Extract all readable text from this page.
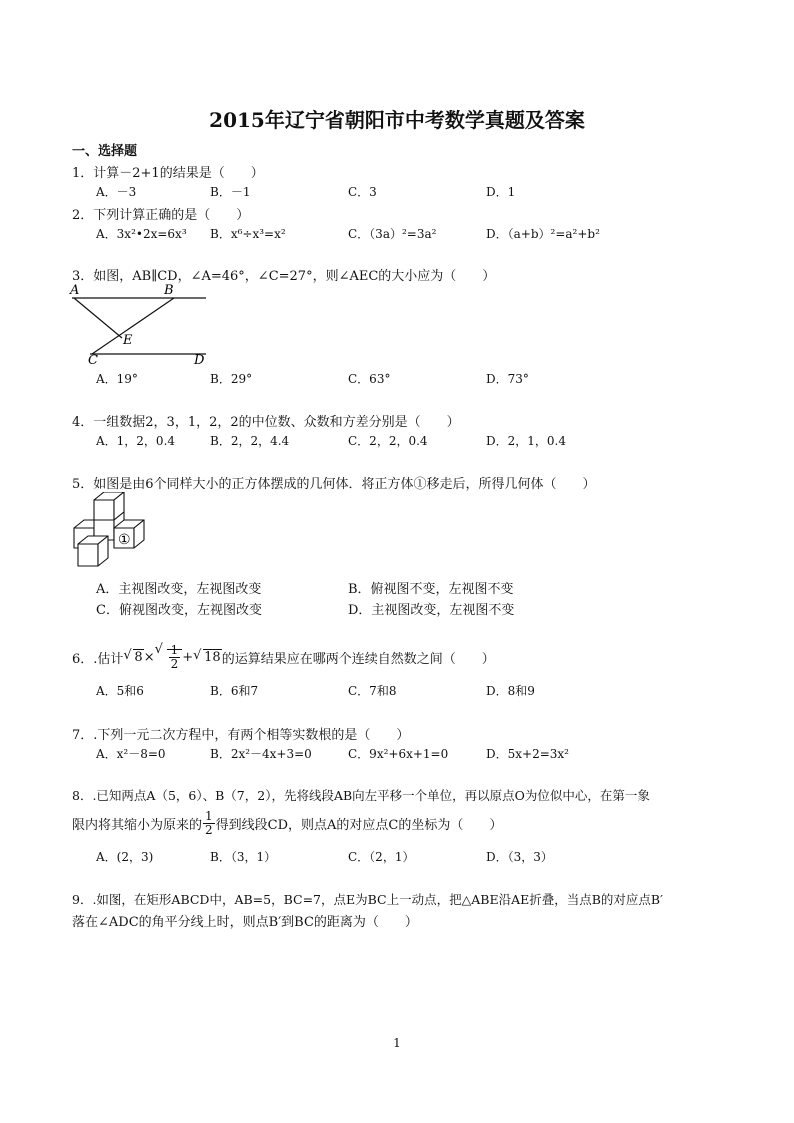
2015年辽宁省朝阳市中考数学真题及答案
一、选择题
1．计算－2+1的结果是（　　）
A．－3	B．－1	C．3	D．1
2．下列计算正确的是（　　）
A．3x²•2x=6x³ B．x⁶÷x³=x²	C．（3a）²=3a²	D．（a+b）²=a²+b²
3．如图，AB∥CD，∠A=46°，∠C=27°，则∠AEC的大小应为（　　）
A	B
C	D
E
A．19°	B．29°	C．63°	D．73°
4．一组数据2，3，1，2，2的中位数、众数和方差分别是（　　）
A．1，2，0.4	B．2，2，4.4	C．2，2，0.4	D．2，1，0.4
5．如图是由6个同样大小的正方体摆成的几何体．将正方体①移走后，所得几何体（　　）
①
A．主视图改变，左视图改变	B．俯视图不变，左视图不变
C．俯视图改变，左视图改变	D．主视图改变，左视图不变
6．.估计 √ 8 × √ $\frac{1}{2}$ + √ 18 的运算结果应在哪两个连续自然数之间（　　）
A．5和6	B．6和7	C．7和8	D．8和9
7．.下列一元二次方程中，有两个相等实数根的是（　　）
A．x²－8=0	B．2x²－4x+3=0	C．9x²+6x+1=0	D．5x+2=3x²
8．.已知两点A（5，6）、B（7，2），先将线段AB向左平移一个单位，再以原点O为位似中心，在第一象
限内将其缩小为原来的 $\frac{1}{2}$ 得到线段CD，则点A的对应点C的坐标为（　　）
A．(2，3)	B．（3，1）	C．（2，1）	D．（3，3）
9．.如图，在矩形ABCD中，AB=5，BC=7，点E为BC上一动点，把△ABE沿AE折叠，当点B的对应点B′
落在∠ADC的角平分线上时，则点B′到BC的距离为（　　）
1
